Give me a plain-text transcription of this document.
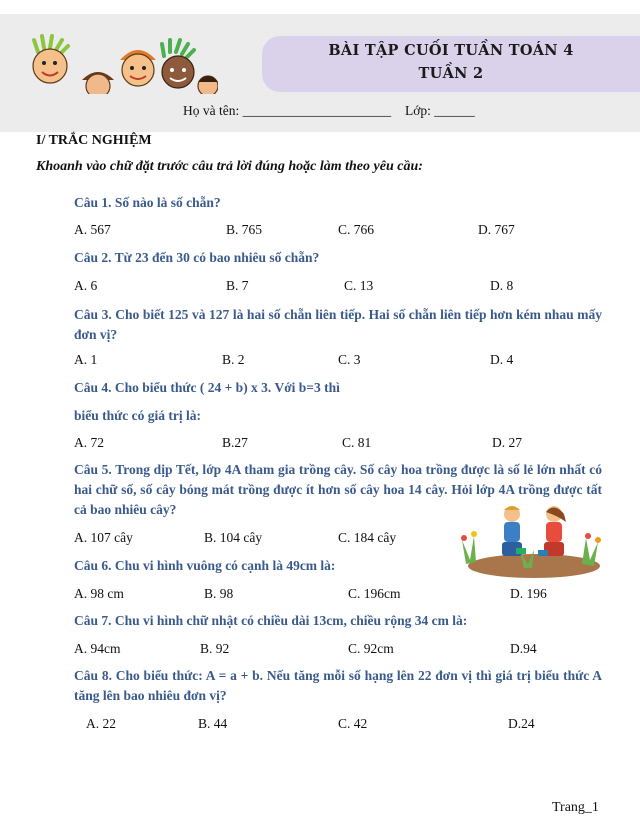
BÀI TẬP CUỐI TUẦN TOÁN 4
TUẦN 2
Họ và tên: ______________________ Lớp: ______
I/ TRẮC NGHIỆM
Khoanh vào chữ đặt trước câu trả lời đúng hoặc làm theo yêu cầu:
Câu 1. Số nào là số chẵn?
A. 567	B. 765	C. 766	D. 767
Câu 2. Từ 23 đến 30 có bao nhiêu số chẵn?
A. 6	B. 7	C. 13	D. 8
Câu 3. Cho biết 125 và 127 là hai số chẵn liên tiếp. Hai số chẵn liên tiếp hơn kém nhau mấy đơn vị?
A. 1	B. 2	C. 3	D. 4
Câu 4. Cho biểu thức ( 24 + b) x 3. Với b=3 thì
biểu thức có giá trị là:
A. 72	B.27	C. 81	D. 27
Câu 5. Trong dịp Tết, lớp 4A tham gia trồng cây. Số cây hoa trồng được là số lẻ lớn nhất có hai chữ số, số cây bóng mát trồng được ít hơn số cây hoa 14 cây. Hỏi lớp 4A trồng được tất cả bao nhiêu cây?
A. 107 cây	B. 104 cây	C. 184 cây
Câu 6. Chu vi hình vuông có cạnh là 49cm là:
A. 98 cm	B. 98	C. 196cm	D. 196
Câu 7. Chu vi hình chữ nhật có chiều dài 13cm, chiều rộng 34 cm là:
A. 94cm	B. 92	C. 92cm	D.94
Câu 8. Cho biểu thức: A = a + b. Nếu tăng mỗi số hạng lên 22 đơn vị thì giá trị biểu thức A tăng lên bao nhiêu đơn vị?
A. 22	B. 44	C. 42	D.24
Trang_1
